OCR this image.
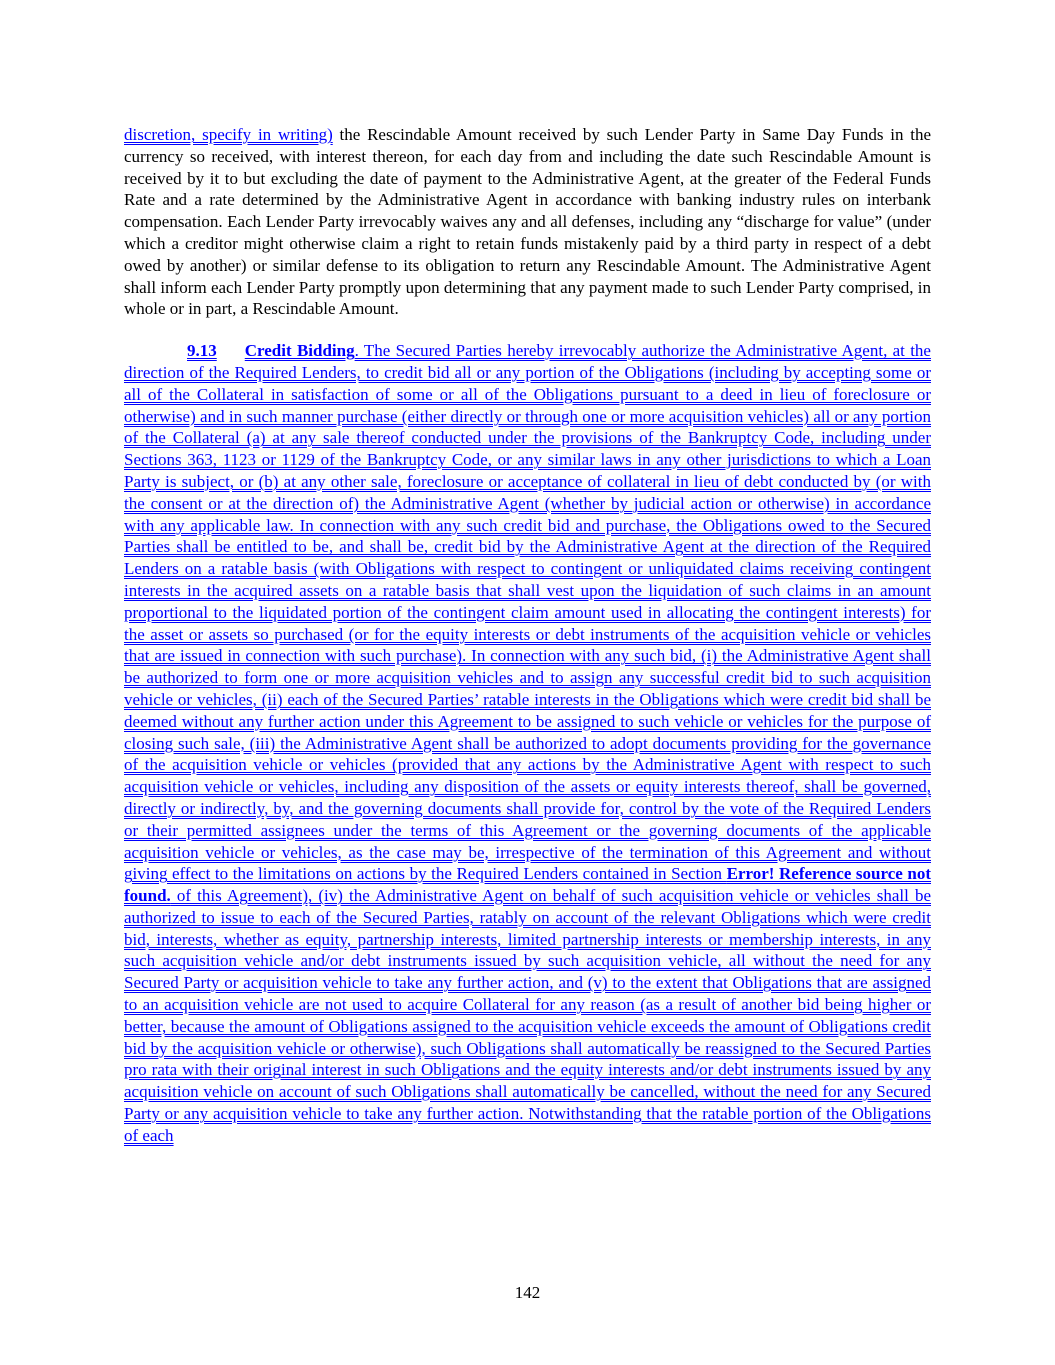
discretion, specify in writing) the Rescindable Amount received by such Lender Party in Same Day Funds in the currency so received, with interest thereon, for each day from and including the date such Rescindable Amount is received by it to but excluding the date of payment to the Administrative Agent, at the greater of the Federal Funds Rate and a rate determined by the Administrative Agent in accordance with banking industry rules on interbank compensation. Each Lender Party irrevocably waives any and all defenses, including any “discharge for value” (under which a creditor might otherwise claim a right to retain funds mistakenly paid by a third party in respect of a debt owed by another) or similar defense to its obligation to return any Rescindable Amount. The Administrative Agent shall inform each Lender Party promptly upon determining that any payment made to such Lender Party comprised, in whole or in part, a Rescindable Amount.

9.13 Credit Bidding. The Secured Parties hereby irrevocably authorize the Administrative Agent, at the direction of the Required Lenders, to credit bid all or any portion of the Obligations (including by accepting some or all of the Collateral in satisfaction of some or all of the Obligations pursuant to a deed in lieu of foreclosure or otherwise) and in such manner purchase (either directly or through one or more acquisition vehicles) all or any portion of the Collateral (a) at any sale thereof conducted under the provisions of the Bankruptcy Code, including under Sections 363, 1123 or 1129 of the Bankruptcy Code, or any similar laws in any other jurisdictions to which a Loan Party is subject, or (b) at any other sale, foreclosure or acceptance of collateral in lieu of debt conducted by (or with the consent or at the direction of) the Administrative Agent (whether by judicial action or otherwise) in accordance with any applicable law. In connection with any such credit bid and purchase, the Obligations owed to the Secured Parties shall be entitled to be, and shall be, credit bid by the Administrative Agent at the direction of the Required Lenders on a ratable basis (with Obligations with respect to contingent or unliquidated claims receiving contingent interests in the acquired assets on a ratable basis that shall vest upon the liquidation of such claims in an amount proportional to the liquidated portion of the contingent claim amount used in allocating the contingent interests) for the asset or assets so purchased (or for the equity interests or debt instruments of the acquisition vehicle or vehicles that are issued in connection with such purchase). In connection with any such bid, (i) the Administrative Agent shall be authorized to form one or more acquisition vehicles and to assign any successful credit bid to such acquisition vehicle or vehicles, (ii) each of the Secured Parties’ ratable interests in the Obligations which were credit bid shall be deemed without any further action under this Agreement to be assigned to such vehicle or vehicles for the purpose of closing such sale, (iii) the Administrative Agent shall be authorized to adopt documents providing for the governance of the acquisition vehicle or vehicles (provided that any actions by the Administrative Agent with respect to such acquisition vehicle or vehicles, including any disposition of the assets or equity interests thereof, shall be governed, directly or indirectly, by, and the governing documents shall provide for, control by the vote of the Required Lenders or their permitted assignees under the terms of this Agreement or the governing documents of the applicable acquisition vehicle or vehicles, as the case may be, irrespective of the termination of this Agreement and without giving effect to the limitations on actions by the Required Lenders contained in Section Error! Reference source not found. of this Agreement), (iv) the Administrative Agent on behalf of such acquisition vehicle or vehicles shall be authorized to issue to each of the Secured Parties, ratably on account of the relevant Obligations which were credit bid, interests, whether as equity, partnership interests, limited partnership interests or membership interests, in any such acquisition vehicle and/or debt instruments issued by such acquisition vehicle, all without the need for any Secured Party or acquisition vehicle to take any further action, and (v) to the extent that Obligations that are assigned to an acquisition vehicle are not used to acquire Collateral for any reason (as a result of another bid being higher or better, because the amount of Obligations assigned to the acquisition vehicle exceeds the amount of Obligations credit bid by the acquisition vehicle or otherwise), such Obligations shall automatically be reassigned to the Secured Parties pro rata with their original interest in such Obligations and the equity interests and/or debt instruments issued by any acquisition vehicle on account of such Obligations shall automatically be cancelled, without the need for any Secured Party or any acquisition vehicle to take any further action. Notwithstanding that the ratable portion of the Obligations of each

142
